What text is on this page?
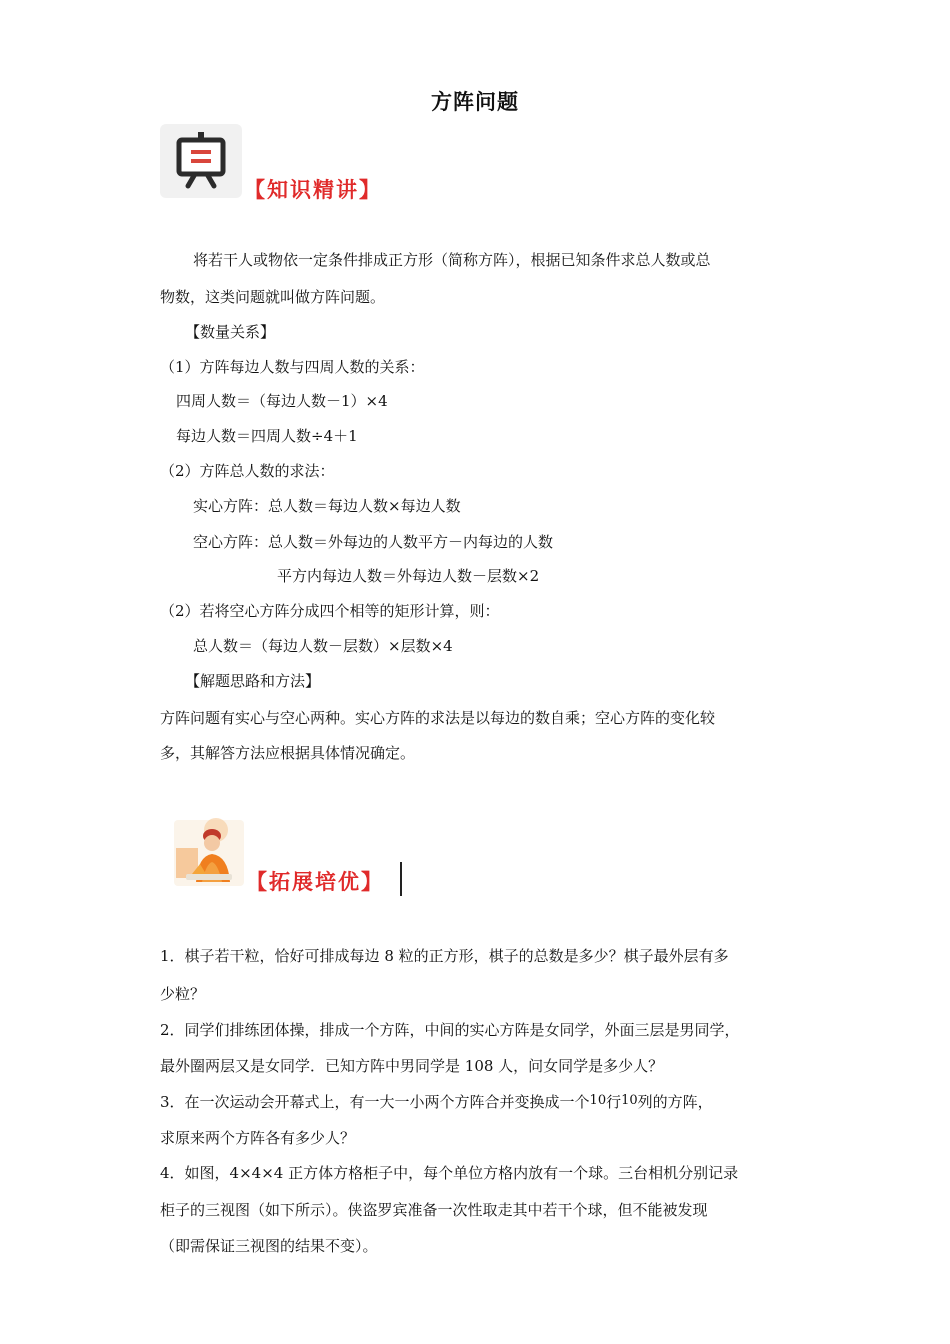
方阵问题
【知识精讲】
将若干人或物依一定条件排成正方形（简称方阵），根据已知条件求总人数或总
物数，这类问题就叫做方阵问题。
【数量关系】
（1）方阵每边人数与四周人数的关系：
四周人数＝（每边人数－1）×4
每边人数＝四周人数÷4＋1
（2）方阵总人数的求法：
实心方阵：总人数＝每边人数×每边人数
空心方阵：总人数＝外每边的人数平方－内每边的人数
平方内每边人数＝外每边人数－层数×2
（2）若将空心方阵分成四个相等的矩形计算，则：
总人数＝（每边人数－层数）×层数×4
【解题思路和方法】
方阵问题有实心与空心两种。实心方阵的求法是以每边的数自乘；空心方阵的变化较
多，其解答方法应根据具体情况确定。
【拓展培优】
1．棋子若干粒，恰好可排成每边 8 粒的正方形，棋子的总数是多少？棋子最外层有多
少粒？
2．同学们排练团体操，排成一个方阵，中间的实心方阵是女同学，外面三层是男同学，
最外圈两层又是女同学．已知方阵中男同学是 108 人，问女同学是多少人？
3．在一次运动会开幕式上，有一大一小两个方阵合并变换成一个10行10列的方阵，
求原来两个方阵各有多少人？
4．如图，4×4×4 正方体方格柜子中，每个单位方格内放有一个球。三台相机分别记录
柜子的三视图（如下所示）。侠盗罗宾准备一次性取走其中若干个球，但不能被发现
（即需保证三视图的结果不变）。
